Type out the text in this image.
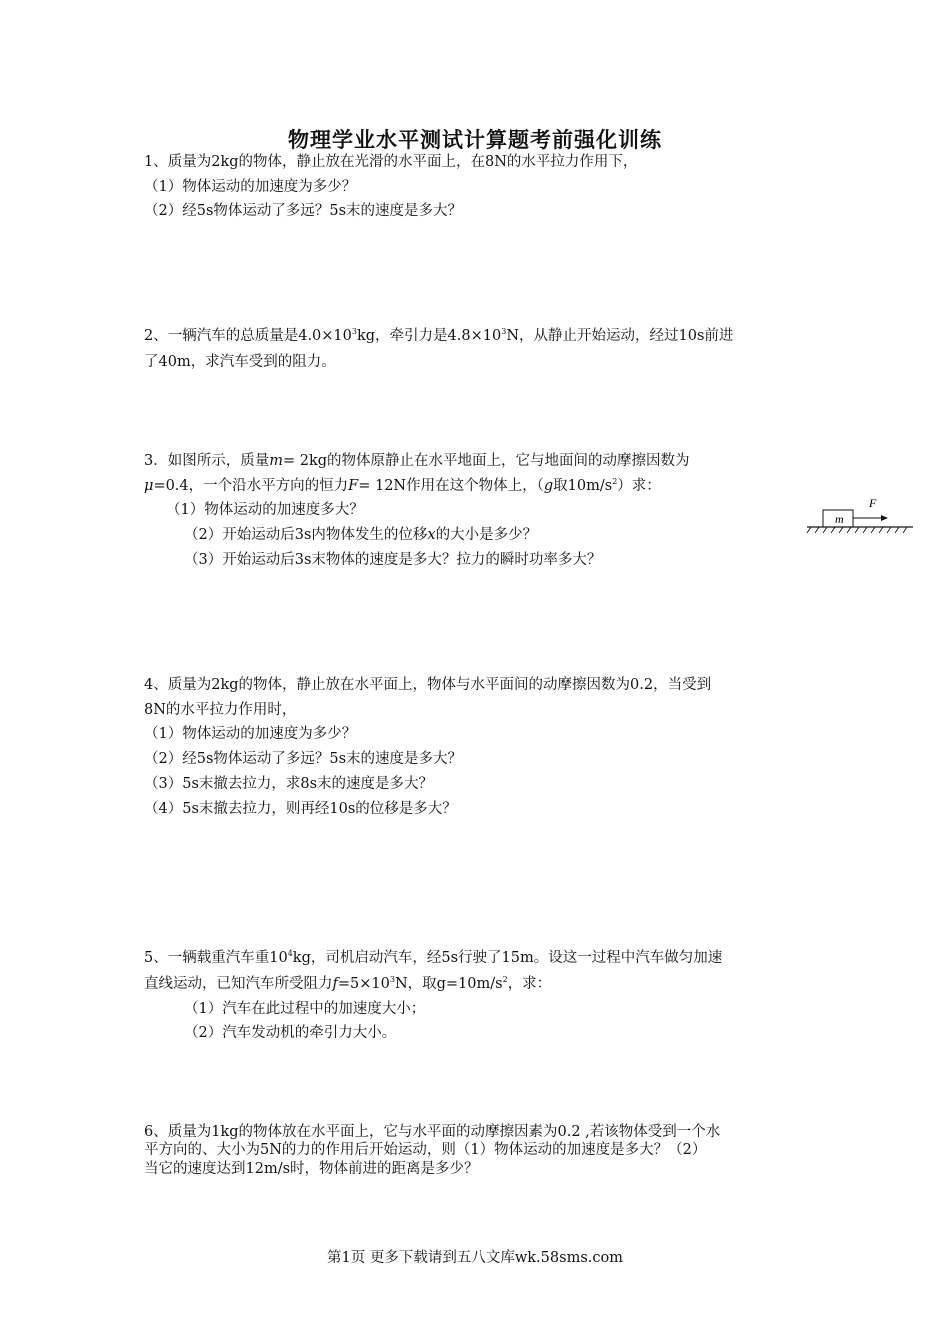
物理学业水平测试计算题考前强化训练
1、质量为2kg的物体，静止放在光滑的水平面上，在8N的水平拉力作用下，
（1）物体运动的加速度为多少？
（2）经5s物体运动了多远？5s末的速度是多大？
2、一辆汽车的总质量是$4.0\times 10^3kg$，牵引力是$4.8\times 10^3N$，从静止开始运动，经过10s前进
了40m，求汽车受到的阻力。
3．如图所示，质量m= 2kg的物体原静止在水平地面上，它与地面间的动摩擦因数为
μ=0.4，一个沿水平方向的恒力F= 12N作用在这个物体上，（g取$10m/s^2$）求：
（1）物体运动的加速度多大？
（2）开始运动后3s内物体发生的位移x的大小是多少？
（3）开始运动后3s末物体的速度是多大？拉力的瞬时功率多大？
m
F
4、质量为2kg的物体，静止放在水平面上，物体与水平面间的动摩擦因数为0.2，当受到
8N的水平拉力作用时，
（1）物体运动的加速度为多少？
（2）经5s物体运动了多远？5s末的速度是多大？
（3）5s末撤去拉力，求8s末的速度是多大？
（4）5s末撤去拉力，则再经10s的位移是多大？
5、一辆载重汽车重$10^4kg$，司机启动汽车，经5s行驶了15m。设这一过程中汽车做匀加速
直线运动，已知汽车所受阻力$f=5\times 10^3N$，取$g=10m/s^2$，求：
（1）汽车在此过程中的加速度大小；
（2）汽车发动机的牵引力大小。
6、质量为1kg的物体放在水平面上，它与水平面的动摩擦因素为0.2 ,若该物体受到一个水
平方向的、大小为5N的力的作用后开始运动，则（1）物体运动的加速度是多大？（2）
当它的速度达到12m/s时，物体前进的距离是多少？
第1页 更多下载请到五八文库wk.58sms.com
